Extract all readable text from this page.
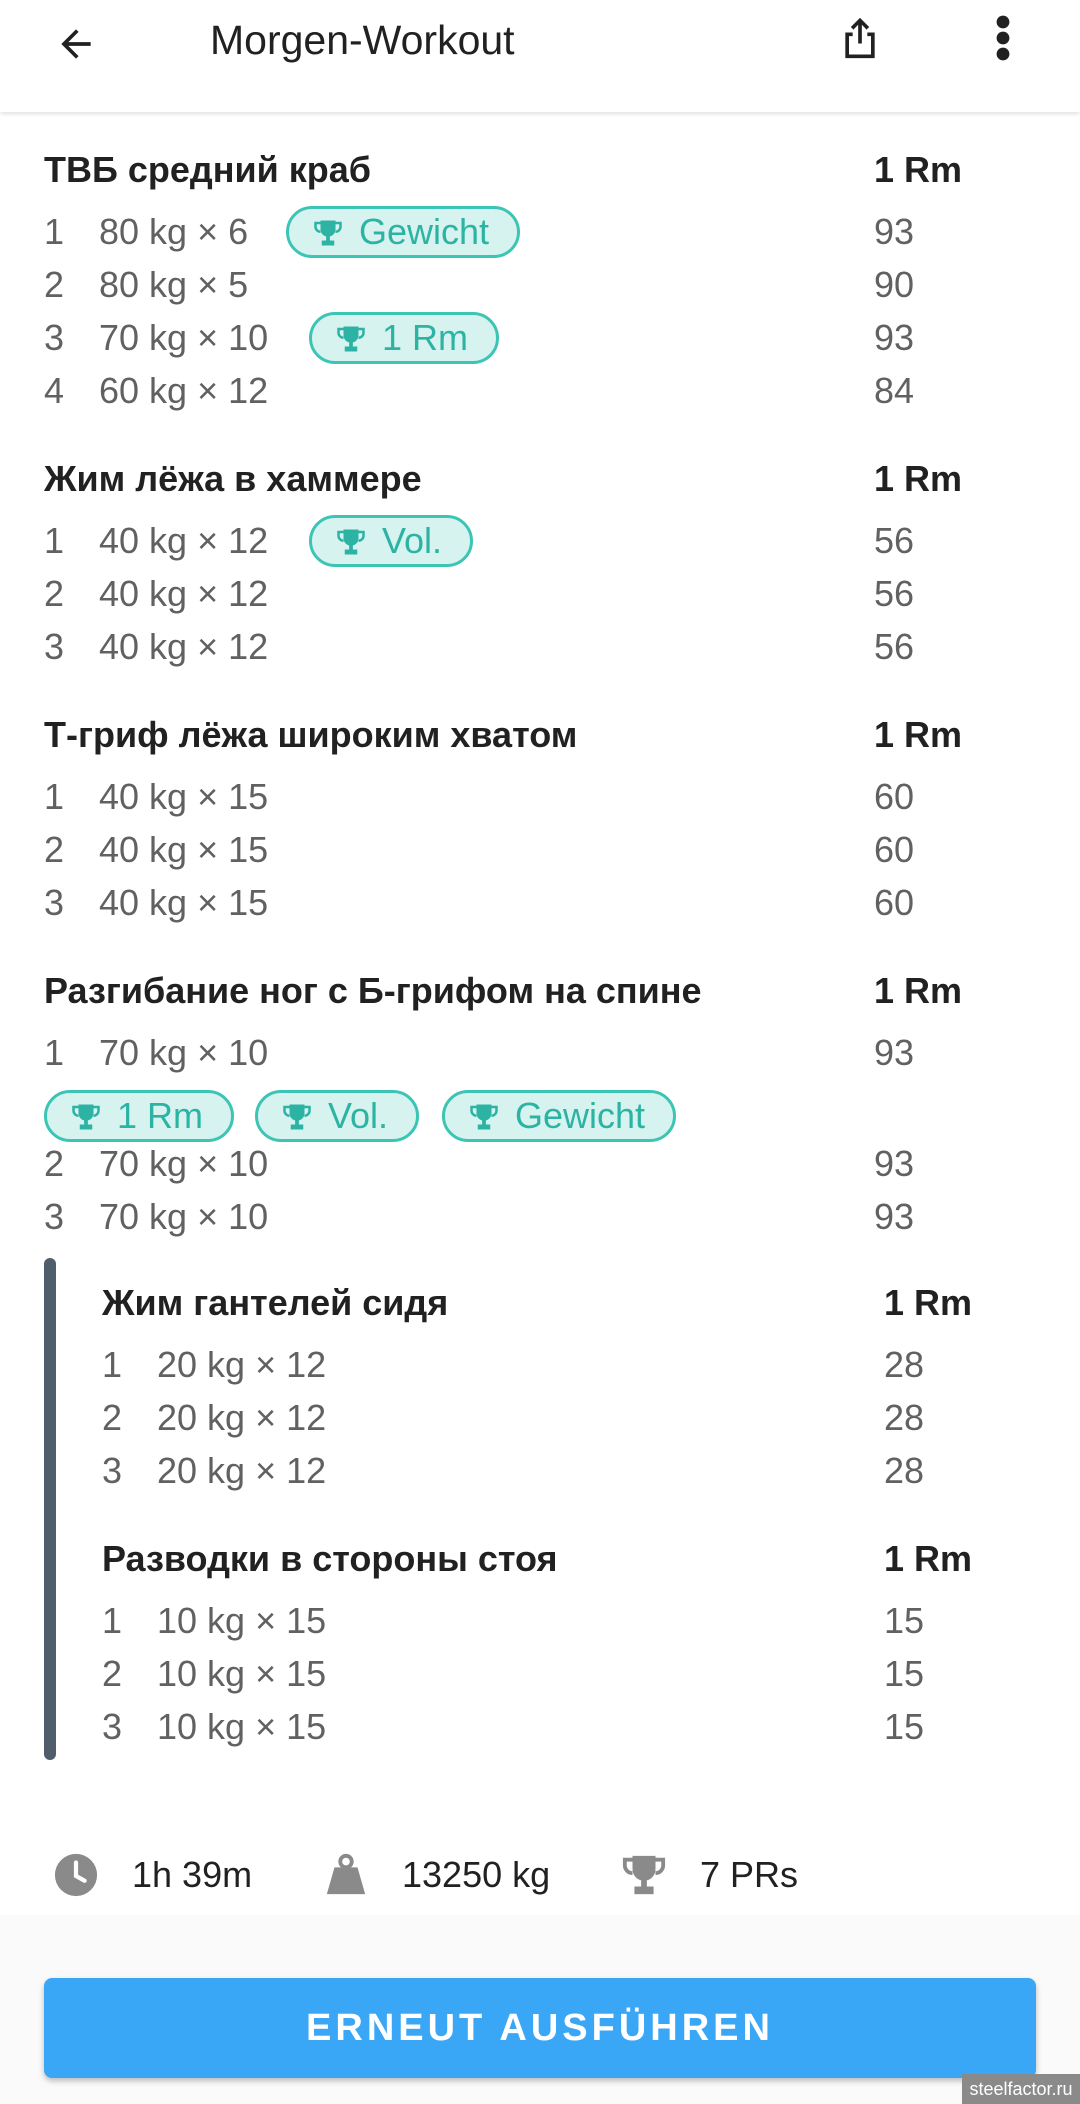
Morgen-Workout
ТВБ средний краб	1 Rm
1 80 kg × 6	93
2 80 kg × 5	90
3 70 kg × 10	93
4 60 kg × 12	84
Gewicht
1 Rm
Жим лёжа в хаммере	1 Rm
1 40 kg × 12	56
2 40 kg × 12	56
3 40 kg × 12	56
Vol.
Т-гриф лёжа широким хватом	1 Rm
1 40 kg × 15	60
2 40 kg × 15	60
3 40 kg × 15	60
Разгибание ног с Б-грифом на спине	1 Rm
1 70 kg × 10	93
2 70 kg × 10	93
3 70 kg × 10	93
1 Rm	Vol.	Gewicht
Жим гантелей сидя	1 Rm
1 20 kg × 12	28
2 20 kg × 12	28
3 20 kg × 12	28
Разводки в стороны стоя	1 Rm
1 10 kg × 15	15
2 10 kg × 15	15
3 10 kg × 15	15
1h 39m	13250 kg	7 PRs
ERNEUT AUSFÜHREN
steelfactor.ru
